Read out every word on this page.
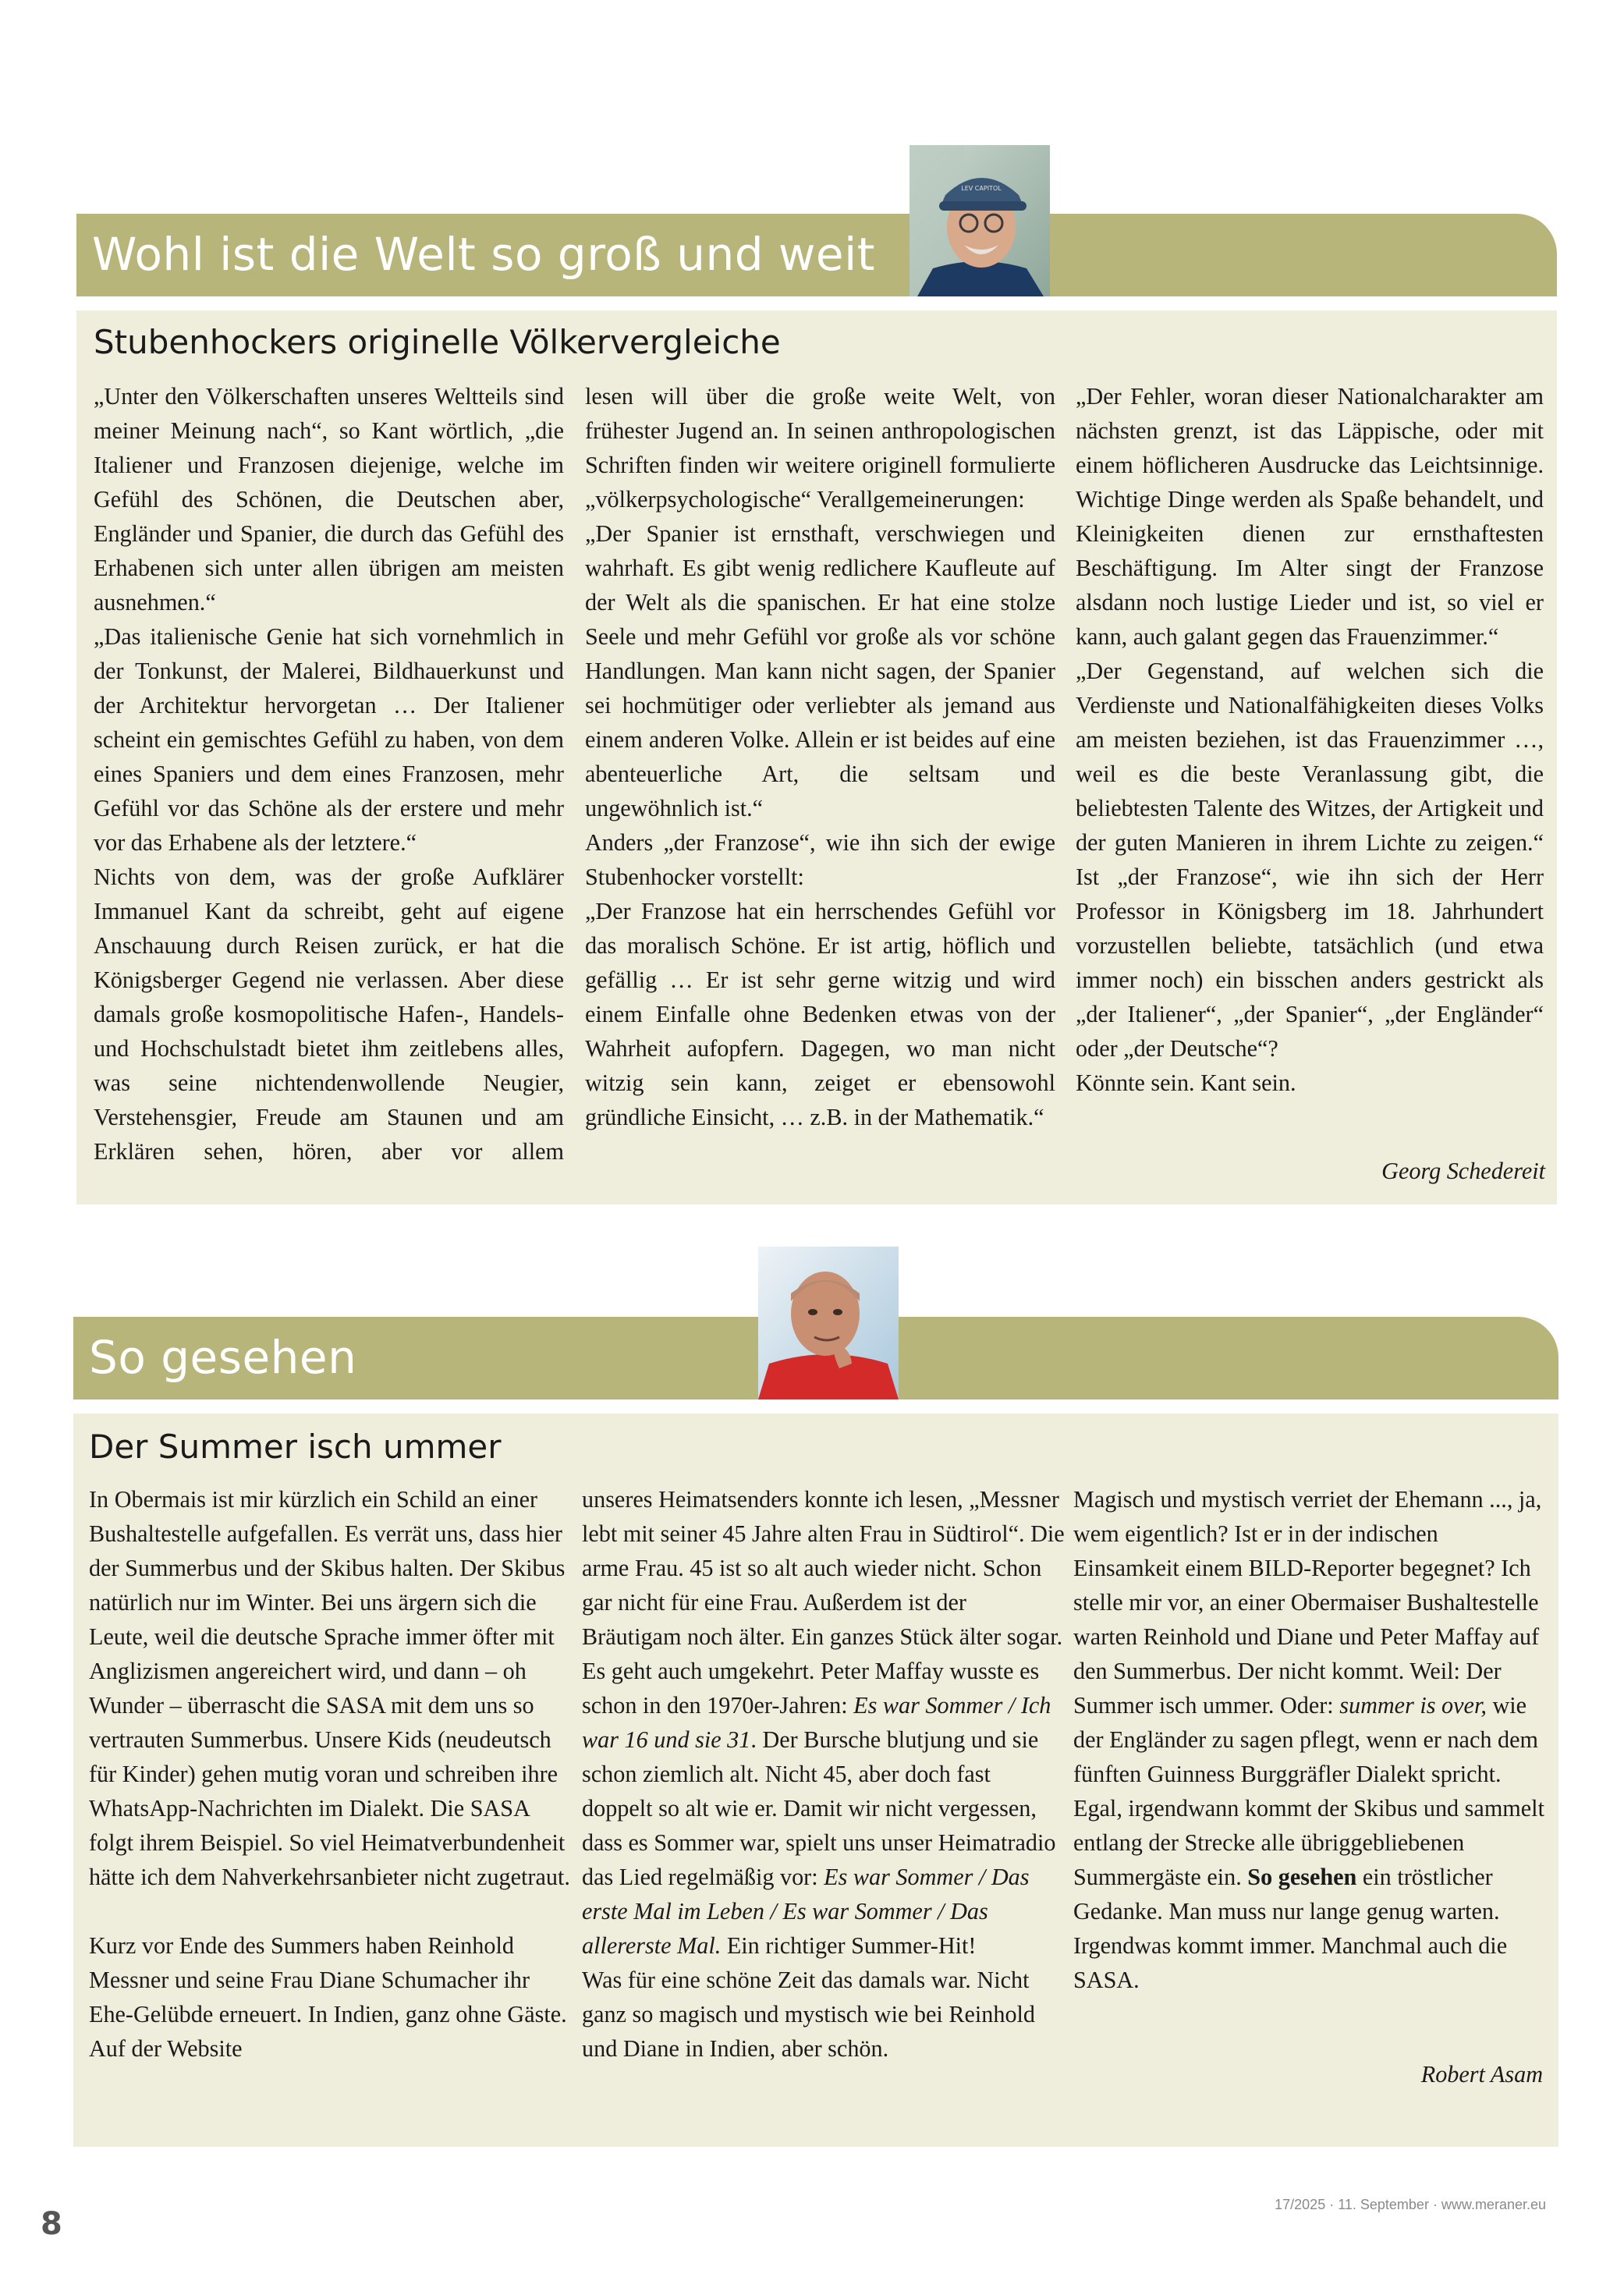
Wohl ist die Welt so groß und weit
LEV CAPITOL
Stubenhockers originelle Völkervergleiche

„Unter den Völkerschaften unseres Weltteils sind meiner Meinung nach“, so Kant wörtlich, „die Italiener und Franzosen diejenige, welche im Gefühl des Schönen, die Deutschen aber, Engländer und Spanier, die durch das Gefühl des Erhabenen sich unter allen übrigen am meisten ausnehmen.“

„Das italienische Genie hat sich vornehmlich in der Tonkunst, der Malerei, Bildhauerkunst und der Architektur hervorgetan … Der Italiener scheint ein gemischtes Gefühl zu haben, von dem eines Spaniers und dem eines Franzosen, mehr Gefühl vor das Schöne als der erstere und mehr vor das Erhabene als der letztere.“

Nichts von dem, was der große Aufklärer Immanuel Kant da schreibt, geht auf eigene Anschauung durch Reisen zurück, er hat die Königsberger Gegend nie verlassen. Aber diese damals große kosmopolitische Hafen-, Handels- und Hochschulstadt bietet ihm zeitlebens alles, was seine nichtendenwollende Neugier, Verstehensgier, Freude am Staunen und am Erklären sehen, hören, aber vor allem

lesen will über die große weite Welt, von frühester Jugend an. In seinen anthropologischen Schriften finden wir weitere originell formulierte „völkerpsychologische“ Verallgemeinerungen:

„Der Spanier ist ernsthaft, verschwiegen und wahrhaft. Es gibt wenig redlichere Kaufleute auf der Welt als die spanischen. Er hat eine stolze Seele und mehr Gefühl vor große als vor schöne Handlungen. Man kann nicht sagen, der Spanier sei hochmütiger oder verliebter als jemand aus einem anderen Volke. Allein er ist beides auf eine abenteuerliche Art, die seltsam und ungewöhnlich ist.“

Anders „der Franzose“, wie ihn sich der ewige Stubenhocker vorstellt:

„Der Franzose hat ein herrschendes Gefühl vor das moralisch Schöne. Er ist artig, höflich und gefällig … Er ist sehr gerne witzig und wird einem Einfalle ohne Bedenken etwas von der Wahrheit aufopfern. Dagegen, wo man nicht witzig sein kann, zeiget er ebensowohl gründliche Einsicht, … z.B. in der Mathematik.“

„Der Fehler, woran dieser Nationalcharakter am nächsten grenzt, ist das Läppische, oder mit einem höflicheren Ausdrucke das Leichtsinnige. Wichtige Dinge werden als Spaße behandelt, und Kleinigkeiten dienen zur ernsthaftesten Beschäftigung. Im Alter singt der Franzose alsdann noch lustige Lieder und ist, so viel er kann, auch galant gegen das Frauenzimmer.“

„Der Gegenstand, auf welchen sich die Verdienste und Nationalfähigkeiten dieses Volks am meisten beziehen, ist das Frauenzimmer …, weil es die beste Veranlassung gibt, die beliebtesten Talente des Witzes, der Artigkeit und der guten Manieren in ihrem Lichte zu zeigen.“ Ist „der Franzose“, wie ihn sich der Herr Professor in Königsberg im 18. Jahrhundert vorzustellen beliebte, tatsächlich (und etwa immer noch) ein bisschen anders gestrickt als „der Italiener“, „der Spanier“, „der Engländer“ oder „der Deutsche“?

Könnte sein. Kant sein.

Georg Schedereit
So gesehen
Der Summer isch ummer

In Obermais ist mir kürzlich ein Schild an einer Bushaltestelle aufgefallen. Es verrät uns, dass hier der Summerbus und der Skibus halten. Der Skibus natürlich nur im Winter. Bei uns ärgern sich die Leute, weil die deutsche Sprache immer öfter mit Anglizismen angereichert wird, und dann – oh Wunder – überrascht die SASA mit dem uns so vertrauten Summerbus. Unsere Kids (neudeutsch für Kinder) gehen mutig voran und schreiben ihre WhatsApp-Nachrichten im Dialekt. Die SASA folgt ihrem Beispiel. So viel Heimatverbundenheit hätte ich dem Nahverkehrsanbieter nicht zugetraut.

Kurz vor Ende des Summers haben Reinhold Messner und seine Frau Diane Schumacher ihr Ehe-Gelübde erneuert. In Indien, ganz ohne Gäste. Auf der Website

unseres Heimatsenders konnte ich lesen, „Messner lebt mit seiner 45 Jahre alten Frau in Südtirol“. Die arme Frau. 45 ist so alt auch wieder nicht. Schon gar nicht für eine Frau. Außerdem ist der Bräutigam noch älter. Ein ganzes Stück älter sogar. Es geht auch umgekehrt. Peter Maffay wusste es schon in den 1970er-Jahren: Es war Sommer / Ich war 16 und sie 31. Der Bursche blutjung und sie schon ziemlich alt. Nicht 45, aber doch fast doppelt so alt wie er. Damit wir nicht vergessen, dass es Sommer war, spielt uns unser Heimatradio das Lied regelmäßig vor: Es war Sommer / Das erste Mal im Leben / Es war Sommer / Das allererste Mal. Ein richtiger Summer-Hit!

Was für eine schöne Zeit das damals war. Nicht ganz so magisch und mystisch wie bei Reinhold und Diane in Indien, aber schön.

Magisch und mystisch verriet der Ehemann ..., ja, wem eigentlich? Ist er in der indischen Einsamkeit einem BILD-Reporter begegnet? Ich stelle mir vor, an einer Obermaiser Bushaltestelle warten Reinhold und Diane und Peter Maffay auf den Summerbus. Der nicht kommt. Weil: Der Summer isch ummer. Oder: summer is over, wie der Engländer zu sagen pflegt, wenn er nach dem fünften Guinness Burggräfler Dialekt spricht. Egal, irgendwann kommt der Skibus und sammelt entlang der Strecke alle übriggebliebenen Summergäste ein. So gesehen ein tröstlicher Gedanke. Man muss nur lange genug warten. Irgendwas kommt immer. Manchmal auch die SASA.

Robert Asam
8
17/2025 · 11. September · www.meraner.eu
